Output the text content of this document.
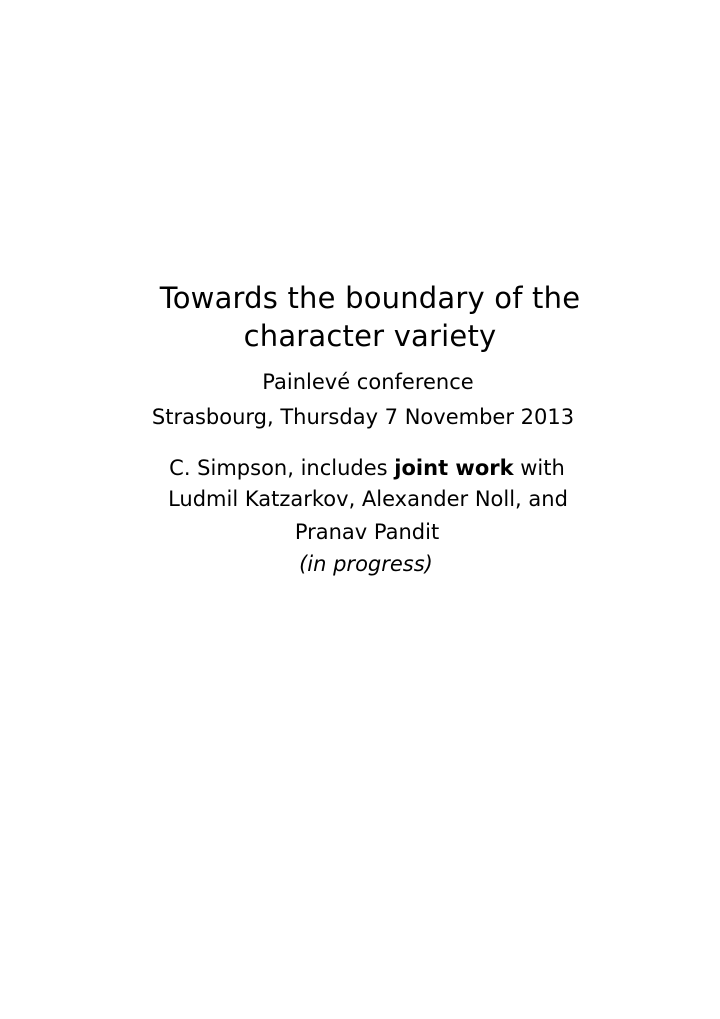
Towards the boundary of the
character variety
Painlevé conference
Strasbourg, Thursday 7 November 2013
C. Simpson, includes joint work with
Ludmil Katzarkov, Alexander Noll, and
Pranav Pandit
(in progress)
